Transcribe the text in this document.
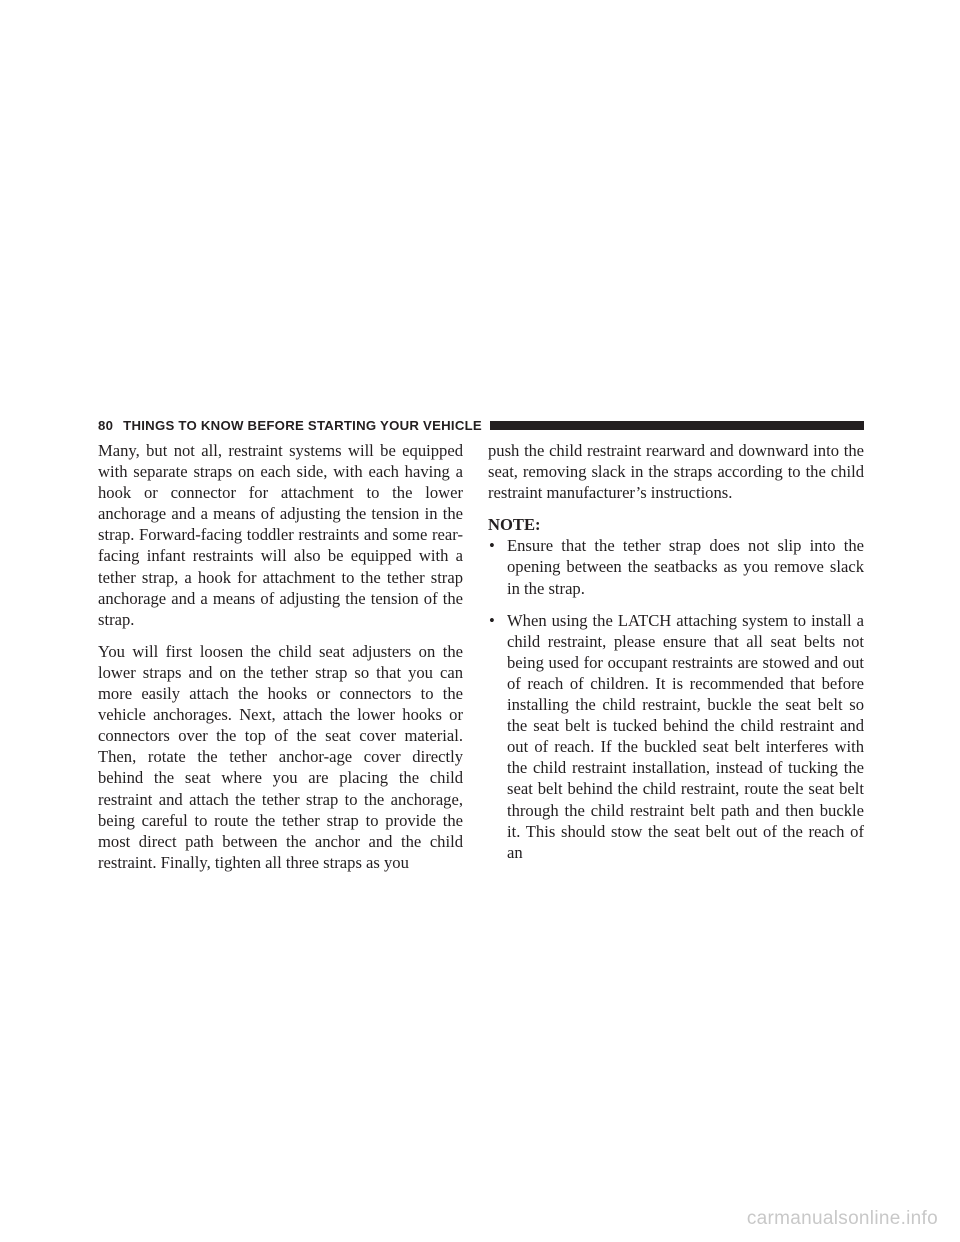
80 THINGS TO KNOW BEFORE STARTING YOUR VEHICLE

Many, but not all, restraint systems will be equipped with separate straps on each side, with each having a hook or connector for attachment to the lower anchorage and a means of adjusting the tension in the strap. Forward-facing toddler restraints and some rear-facing infant restraints will also be equipped with a tether strap, a hook for attachment to the tether strap anchorage and a means of adjusting the tension of the strap.

You will first loosen the child seat adjusters on the lower straps and on the tether strap so that you can more easily attach the hooks or connectors to the vehicle anchorages. Next, attach the lower hooks or connectors over the top of the seat cover material. Then, rotate the tether anchor-age cover directly behind the seat where you are placing the child restraint and attach the tether strap to the anchorage, being careful to route the tether strap to provide the most direct path between the anchor and the child restraint. Finally, tighten all three straps as you

push the child restraint rearward and downward into the seat, removing slack in the straps according to the child restraint manufacturer’s instructions.

NOTE:
• Ensure that the tether strap does not slip into the opening between the seatbacks as you remove slack in the strap.
• When using the LATCH attaching system to install a child restraint, please ensure that all seat belts not being used for occupant restraints are stowed and out of reach of children. It is recommended that before installing the child restraint, buckle the seat belt so the seat belt is tucked behind the child restraint and out of reach. If the buckled seat belt interferes with the child restraint installation, instead of tucking the seat belt behind the child restraint, route the seat belt through the child restraint belt path and then buckle it. This should stow the seat belt out of the reach of an
carmanualsonline.info
